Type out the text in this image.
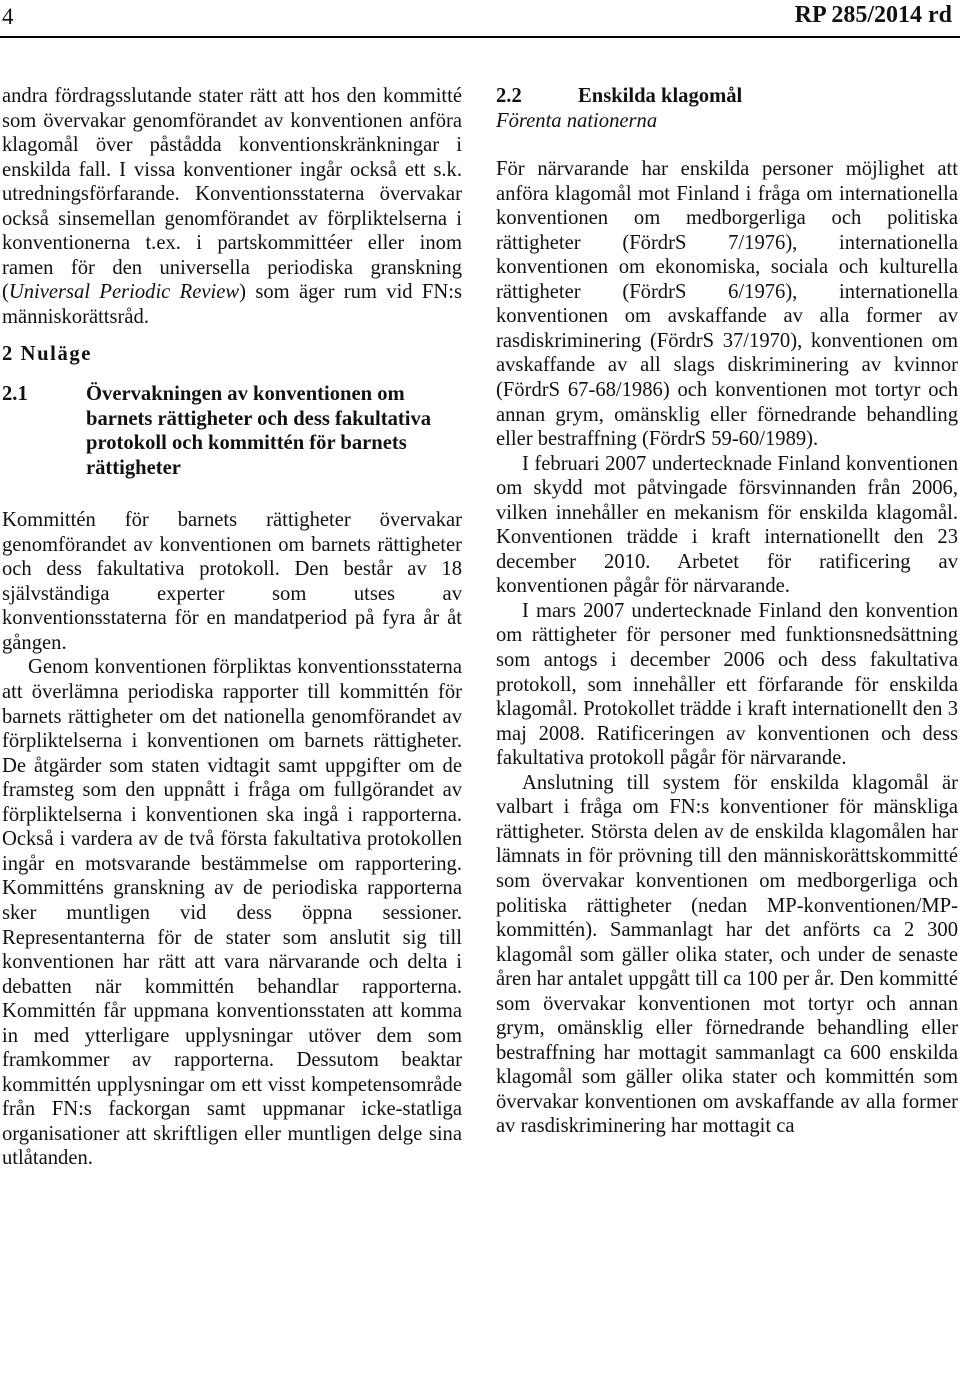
4	RP 285/2014 rd

andra fördragsslutande stater rätt att hos den kommitté som övervakar genomförandet av konventionen anföra klagomål över påstådda konventionskränkningar i enskilda fall. I vissa konventioner ingår också ett s.k. utredningsförfarande. Konventionsstaterna övervakar också sinsemellan genomförandet av förpliktelserna i konventionerna t.ex. i partskommittéer eller inom ramen för den universella periodiska granskning (Universal Periodic Review) som äger rum vid FN:s människorättsråd.

2 Nuläge
2.1	Övervakningen av konventionen om barnets rättigheter och dess fakultativa protokoll och kommittén för barnets rättigheter

Kommittén för barnets rättigheter övervakar genomförandet av konventionen om barnets rättigheter och dess fakultativa protokoll. Den består av 18 självständiga experter som utses av konventionsstaterna för en mandatperiod på fyra år åt gången.

Genom konventionen förpliktas konventionsstaterna att överlämna periodiska rapporter till kommittén för barnets rättigheter om det nationella genomförandet av förpliktelserna i konventionen om barnets rättigheter. De åtgärder som staten vidtagit samt uppgifter om de framsteg som den uppnått i fråga om fullgörandet av förpliktelserna i konventionen ska ingå i rapporterna. Också i vardera av de två första fakultativa protokollen ingår en motsvarande bestämmelse om rapportering. Kommitténs granskning av de periodiska rapporterna sker muntligen vid dess öppna sessioner. Representanterna för de stater som anslutit sig till konventionen har rätt att vara närvarande och delta i debatten när kommittén behandlar rapporterna. Kommittén får uppmana konventionsstaten att komma in med ytterligare upplysningar utöver dem som framkommer av rapporterna. Dessutom beaktar kommittén upplysningar om ett visst kompetensområde från FN:s fackorgan samt uppmanar icke-statliga organisationer att skriftligen eller muntligen delge sina utlåtanden.

2.2	Enskilda klagomål
Förenta nationerna

För närvarande har enskilda personer möjlighet att anföra klagomål mot Finland i fråga om internationella konventionen om medborgerliga och politiska rättigheter (FördrS 7/1976), internationella konventionen om ekonomiska, sociala och kulturella rättigheter (FördrS 6/1976), internationella konventionen om avskaffande av alla former av rasdiskriminering (FördrS 37/1970), konventionen om avskaffande av all slags diskriminering av kvinnor (FördrS 67-68/1986) och konventionen mot tortyr och annan grym, omänsklig eller förnedrande behandling eller bestraffning (FördrS 59-60/1989).

I februari 2007 undertecknade Finland konventionen om skydd mot påtvingade försvinnanden från 2006, vilken innehåller en mekanism för enskilda klagomål. Konventionen trädde i kraft internationellt den 23 december 2010. Arbetet för ratificering av konventionen pågår för närvarande.

I mars 2007 undertecknade Finland den konvention om rättigheter för personer med funktionsnedsättning som antogs i december 2006 och dess fakultativa protokoll, som innehåller ett förfarande för enskilda klagomål. Protokollet trädde i kraft internationellt den 3 maj 2008. Ratificeringen av konventionen och dess fakultativa protokoll pågår för närvarande.

Anslutning till system för enskilda klagomål är valbart i fråga om FN:s konventioner för mänskliga rättigheter. Största delen av de enskilda klagomålen har lämnats in för prövning till den människorättskommitté som övervakar konventionen om medborgerliga och politiska rättigheter (nedan MP-konventionen/MP-kommittén). Sammanlagt har det anförts ca 2 300 klagomål som gäller olika stater, och under de senaste åren har antalet uppgått till ca 100 per år. Den kommitté som övervakar konventionen mot tortyr och annan grym, omänsklig eller förnedrande behandling eller bestraffning har mottagit sammanlagt ca 600 enskilda klagomål som gäller olika stater och kommittén som övervakar konventionen om avskaffande av alla former av rasdiskriminering har mottagit ca
